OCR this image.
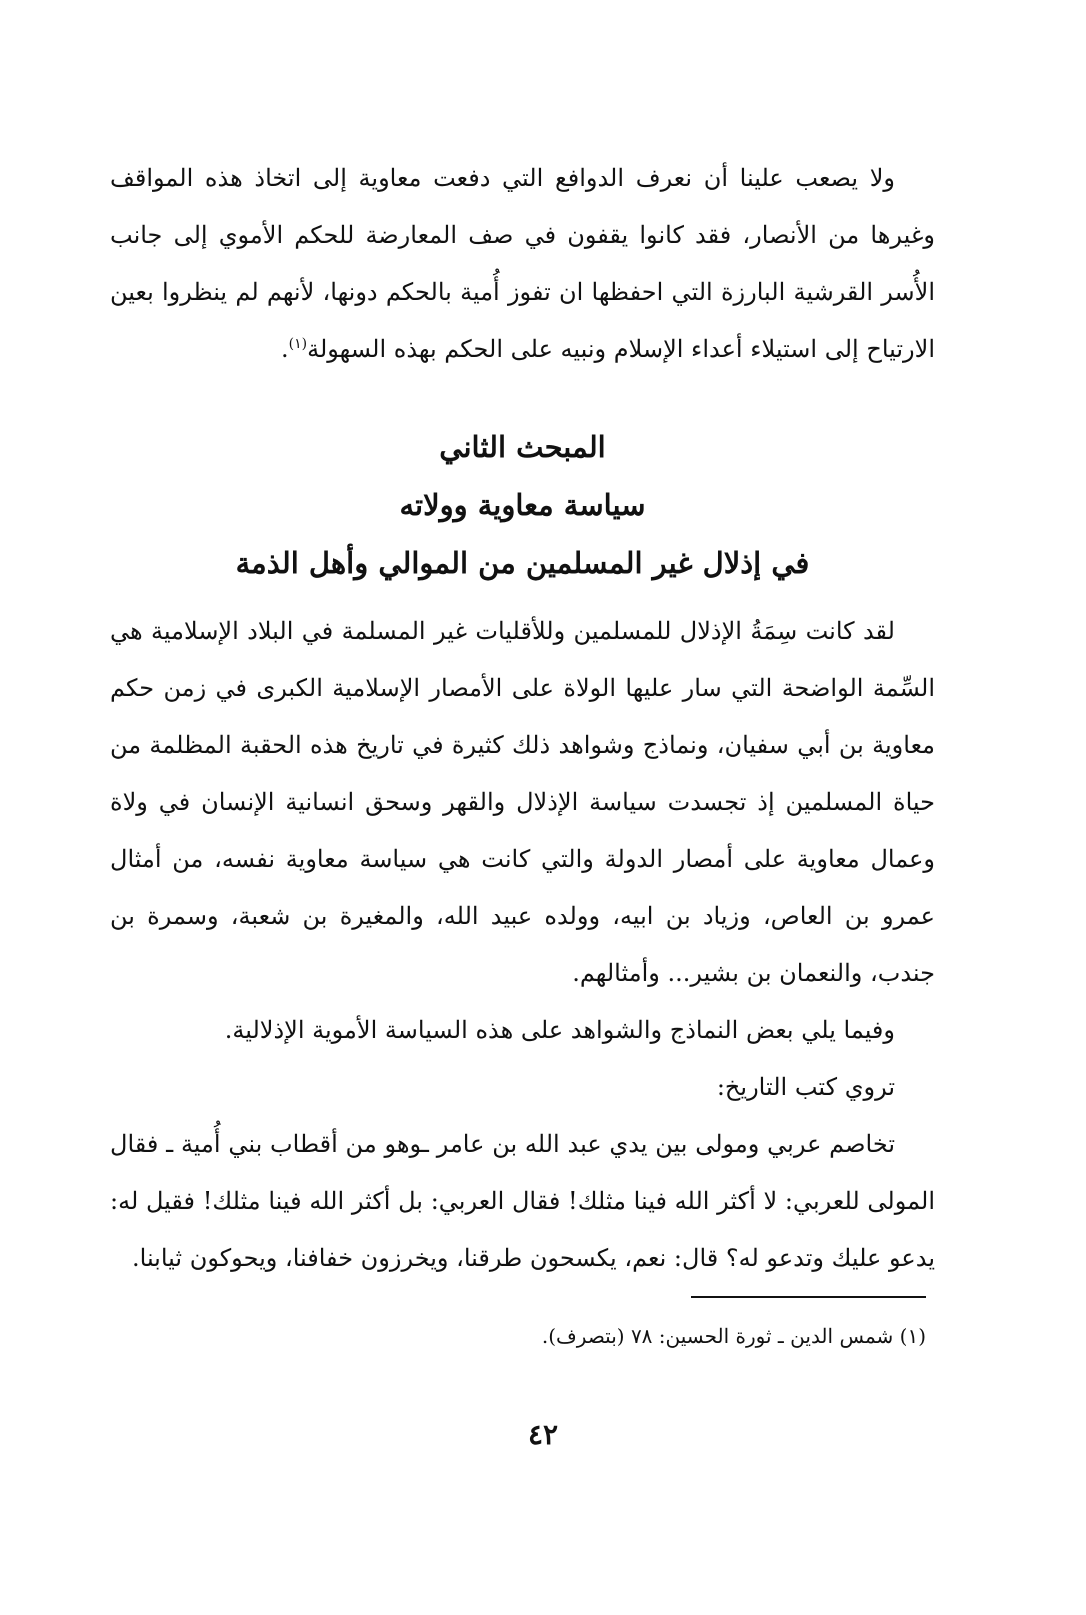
ولا يصعب علينا أن نعرف الدوافع التي دفعت معاوية إلى اتخاذ هذه المواقف وغيرها من الأنصار، فقد كانوا يقفون في صف المعارضة للحكم الأموي إلى جانب الأُسر القرشية البارزة التي احفظها ان تفوز أُمية بالحكم دونها، لأنهم لم ينظروا بعين الارتياح إلى استيلاء أعداء الإسلام ونبيه على الحكم بهذه السهولة$^{(١)}$.

المبحث الثاني
سياسة معاوية وولاته
في إذلال غير المسلمين من الموالي وأهل الذمة

لقد كانت سِمَةُ الإذلال للمسلمين وللأقليات غير المسلمة في البلاد الإسلامية هي السِّمة الواضحة التي سار عليها الولاة على الأمصار الإسلامية الكبرى في زمن حكم معاوية بن أبي سفيان، ونماذج وشواهد ذلك كثيرة في تاريخ هذه الحقبة المظلمة من حياة المسلمين إذ تجسدت سياسة الإذلال والقهر وسحق انسانية الإنسان في ولاة وعمال معاوية على أمصار الدولة والتي كانت هي سياسة معاوية نفسه، من أمثال عمرو بن العاص، وزياد بن ابيه، وولده عبيد الله، والمغيرة بن شعبة، وسمرة بن جندب، والنعمان بن بشير... وأمثالهم.

وفيما يلي بعض النماذج والشواهد على هذه السياسة الأموية الإذلالية.

تروي كتب التاريخ:

تخاصم عربي ومولى بين يدي عبد الله بن عامر ـوهو من أقطاب بني أُمية ـ فقال المولى للعربي: لا أكثر الله فينا مثلك! فقال العربي: بل أكثر الله فينا مثلك! فقيل له: يدعو عليك وتدعو له؟ قال: نعم، يكسحون طرقنا، ويخرزون خفافنا، ويحوكون ثيابنا.

(١) شمس الدين ـ ثورة الحسين: ٧٨ (بتصرف).
٤٢
